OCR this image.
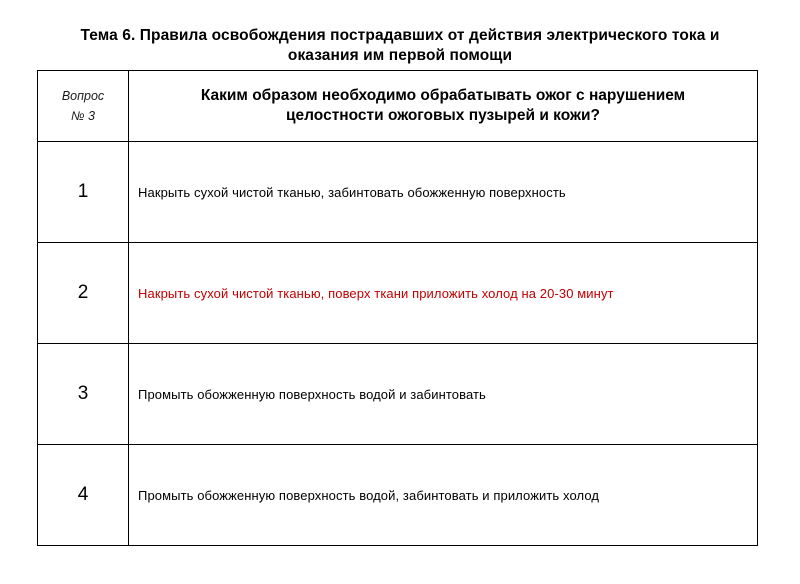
Тема 6. Правила освобождения пострадавших от действия электрического тока и
оказания им первой помощи
Вопрос
№ 3	Каким образом необходимо обрабатывать ожог с нарушением
целостности ожоговых пузырей и кожи?

1	Накрыть сухой чистой тканью, забинтовать обожженную поверхность
2	Накрыть сухой чистой тканью, поверх ткани приложить холод на 20-30 минут
3	Промыть обожженную поверхность водой и забинтовать
4	Промыть обожженную поверхность водой, забинтовать и приложить холод
